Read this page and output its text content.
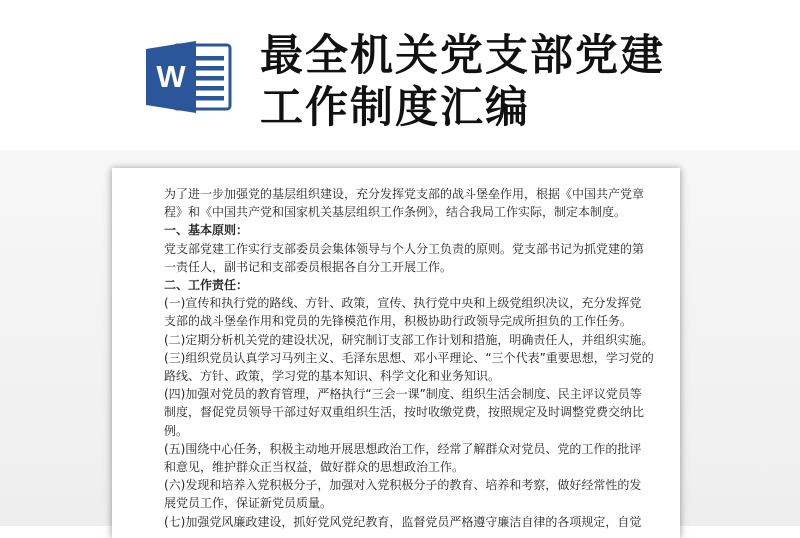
W 最全机关党支部党建
工作制度汇编

为了进一步加强党的基层组织建设，充分发挥党支部的战斗堡垒作用，根据《中国共产党章

程》和《中国共产党和国家机关基层组织工作条例》，结合我局工作实际，制定本制度。

一、基本原则：

党支部党建工作实行支部委员会集体领导与个人分工负责的原则。党支部书记为抓党建的第

一责任人，副书记和支部委员根据各自分工开展工作。

二、工作责任：

(一)宣传和执行党的路线、方针、政策，宣传、执行党中央和上级党组织决议，充分发挥党

支部的战斗堡垒作用和党员的先锋模范作用，积极协助行政领导完成所担负的工作任务。

(二)定期分析机关党的建设状况，研究制订支部工作计划和措施，明确责任人，并组织实施。

(三)组织党员认真学习马列主义、毛泽东思想、邓小平理论、“三个代表”重要思想，学习党的

路线、方针、政策，学习党的基本知识、科学文化和业务知识。

(四)加强对党员的教育管理，严格执行“三会一课”制度、组织生活会制度、民主评议党员等

制度，督促党员领导干部过好双重组织生活，按时收缴党费，按照规定及时调整党费交纳比

例。

(五)围绕中心任务，积极主动地开展思想政治工作，经常了解群众对党员、党的工作的批评

和意见，维护群众正当权益，做好群众的思想政治工作。

(六)发现和培养入党积极分子，加强对入党积极分子的教育、培养和考察，做好经常性的发

展党员工作，保证新党员质量。

(七)加强党风廉政建设，抓好党风党纪教育，监督党员严格遵守廉洁自律的各项规定，自觉
